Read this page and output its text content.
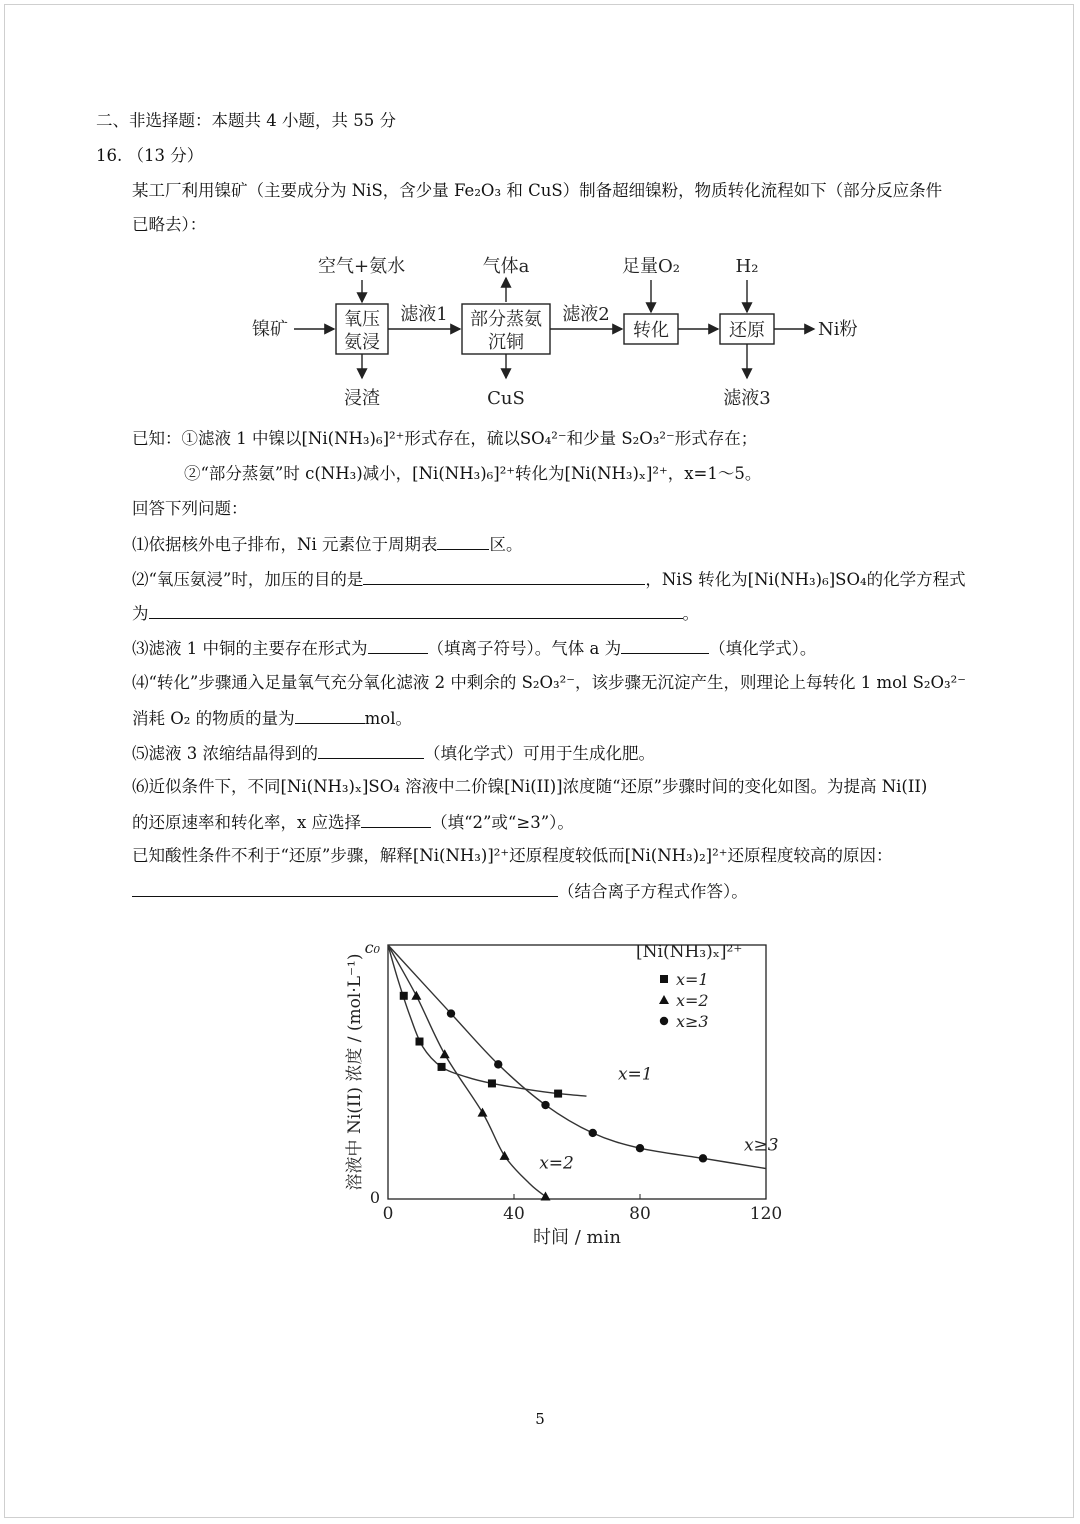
二、非选择题：本题共 4 小题，共 55 分
16. （13 分）
某工厂利用镍矿（主要成分为 NiS，含少量 Fe₂O₃ 和 CuS）制备超细镍粉，物质转化流程如下（部分反应条件
已略去）：
镍矿
空气+氨水
氧压
氨浸
浸渣
滤液1 部分蒸氨
沉铜
气体a
CuS
滤液2
足量O₂
转化
H₂
还原
滤液3
Ni粉
已知：①滤液 1 中镍以[Ni(NH₃)₆]²⁺形式存在，硫以SO₄²⁻和少量 S₂O₃²⁻形式存在；
②“部分蒸氨”时 c(NH₃)减小，[Ni(NH₃)₆]²⁺转化为[Ni(NH₃)ₓ]²⁺，x=1～5。
回答下列问题：
⑴依据核外电子排布，Ni 元素位于周期表	区。
⑵“氧压氨浸”时，加压的目的是	，NiS 转化为[Ni(NH₃)₆]SO₄的化学方程式
为	。
⑶滤液 1 中铜的主要存在形式为	（填离子符号）。气体 a 为	（填化学式）。
⑷“转化”步骤通入足量氧气充分氧化滤液 2 中剩余的 S₂O₃²⁻，该步骤无沉淀产生，则理论上每转化 1 mol S₂O₃²⁻
消耗 O₂ 的物质的量为	mol。
⑸滤液 3 浓缩结晶得到的	（填化学式）可用于生成化肥。
⑹近似条件下，不同[Ni(NH₃)ₓ]SO₄ 溶液中二价镍[Ni(II)]浓度随“还原”步骤时间的变化如图。为提高 Ni(II)
的还原速率和转化率，x 应选择	（填“2”或“≥3”）。
已知酸性条件不利于“还原”步骤，解释[Ni(NH₃)]²⁺还原程度较低而[Ni(NH₃)₂]²⁺还原程度较高的原因：
（结合离子方程式作答）。
0	40	80	120
c₀
0
时间 / min
溶液中 Ni(II) 浓度 / (mol·L⁻¹)	x=1
x=2
x≥3
[Ni(NH₃)ₓ]²⁺
x=1
x=2
x≥3
5
